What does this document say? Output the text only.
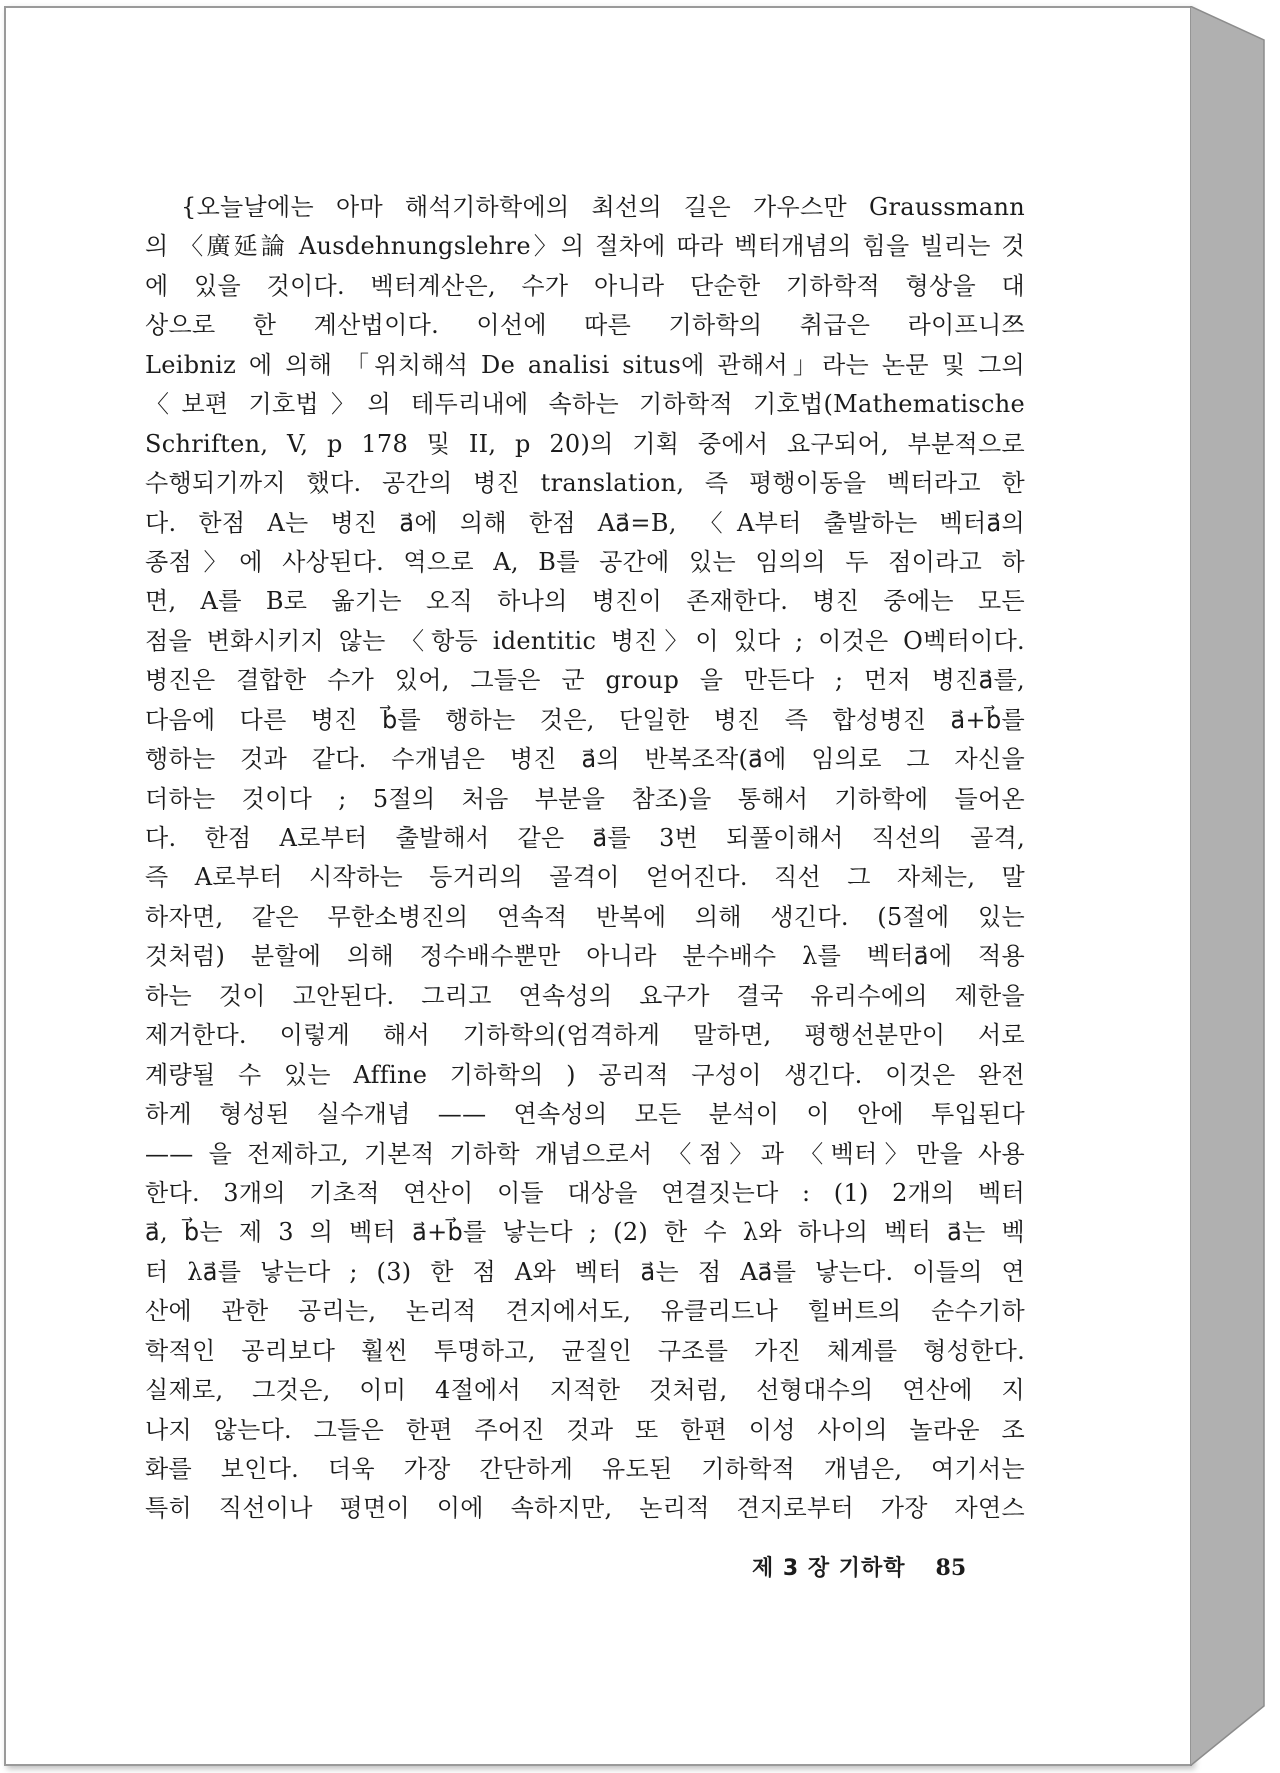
{오늘날에는 아마 해석기하학에의 최선의 길은 가우스만 Graussmann
의 〈廣延論 Ausdehnungslehre〉의 절차에 따라 벡터개념의 힘을 빌리는 것
에 있을 것이다. 벡터계산은, 수가 아니라 단순한 기하학적 형상을 대
상으로 한 계산법이다. 이선에 따른 기하학의 취급은 라이프니쯔
Leibniz 에 의해 「위치해석 De analisi situs에 관해서」라는 논문 및 그의
〈보편 기호법〉의 테두리내에 속하는 기하학적 기호법(Mathematische
Schriften, V, p 178 및 II, p 20)의 기획 중에서 요구되어, 부분적으로
수행되기까지 했다. 공간의 병진 translation, 즉 평행이동을 벡터라고 한
다. 한점 A는 병진 a⃗에 의해 한점 Aa⃗=B, 〈A부터 출발하는 벡터a⃗의
종점〉에 사상된다. 역으로 A, B를 공간에 있는 임의의 두 점이라고 하
면, A를 B로 옮기는 오직 하나의 병진이 존재한다. 병진 중에는 모든
점을 변화시키지 않는 〈항등 identitic 병진〉이 있다 ; 이것은 O벡터이다.
병진은 결합한 수가 있어, 그들은 군 group 을 만든다 ; 먼저 병진a⃗를,
다음에 다른 병진 b⃗를 행하는 것은, 단일한 병진 즉 합성병진 a⃗+b⃗를
행하는 것과 같다. 수개념은 병진 a⃗의 반복조작(a⃗에 임의로 그 자신을
더하는 것이다 ; 5절의 처음 부분을 참조)을 통해서 기하학에 들어온
다. 한점 A로부터 출발해서 같은 a⃗를 3번 되풀이해서 직선의 골격,
즉 A로부터 시작하는 등거리의 골격이 얻어진다. 직선 그 자체는, 말
하자면, 같은 무한소병진의 연속적 반복에 의해 생긴다. (5절에 있는
것처럼) 분할에 의해 정수배수뿐만 아니라 분수배수 λ를 벡터a⃗에 적용
하는 것이 고안된다. 그리고 연속성의 요구가 결국 유리수에의 제한을
제거한다. 이렇게 해서 기하학의(엄격하게 말하면, 평행선분만이 서로
계량될 수 있는 Affine 기하학의 ) 공리적 구성이 생긴다. 이것은 완전
하게 형성된 실수개념 —— 연속성의 모든 분석이 이 안에 투입된다
—— 을 전제하고, 기본적 기하학 개념으로서 〈점〉과 〈벡터〉만을 사용
한다. 3개의 기초적 연산이 이들 대상을 연결짓는다 : (1) 2개의 벡터
a⃗, b⃗는 제 3 의 벡터 a⃗+b⃗를 낳는다 ; (2) 한 수 λ와 하나의 벡터 a⃗는 벡
터 λa⃗를 낳는다 ; (3) 한 점 A와 벡터 a⃗는 점 Aa⃗를 낳는다. 이들의 연
산에 관한 공리는, 논리적 견지에서도, 유클리드나 힐버트의 순수기하
학적인 공리보다 훨씬 투명하고, 균질인 구조를 가진 체계를 형성한다.
실제로, 그것은, 이미 4절에서 지적한 것처럼, 선형대수의 연산에 지
나지 않는다. 그들은 한편 주어진 것과 또 한편 이성 사이의 놀라운 조
화를 보인다. 더욱 가장 간단하게 유도된 기하학적 개념은, 여기서는
특히 직선이나 평면이 이에 속하지만, 논리적 견지로부터 가장 자연스
제 3 장 기하학 85
